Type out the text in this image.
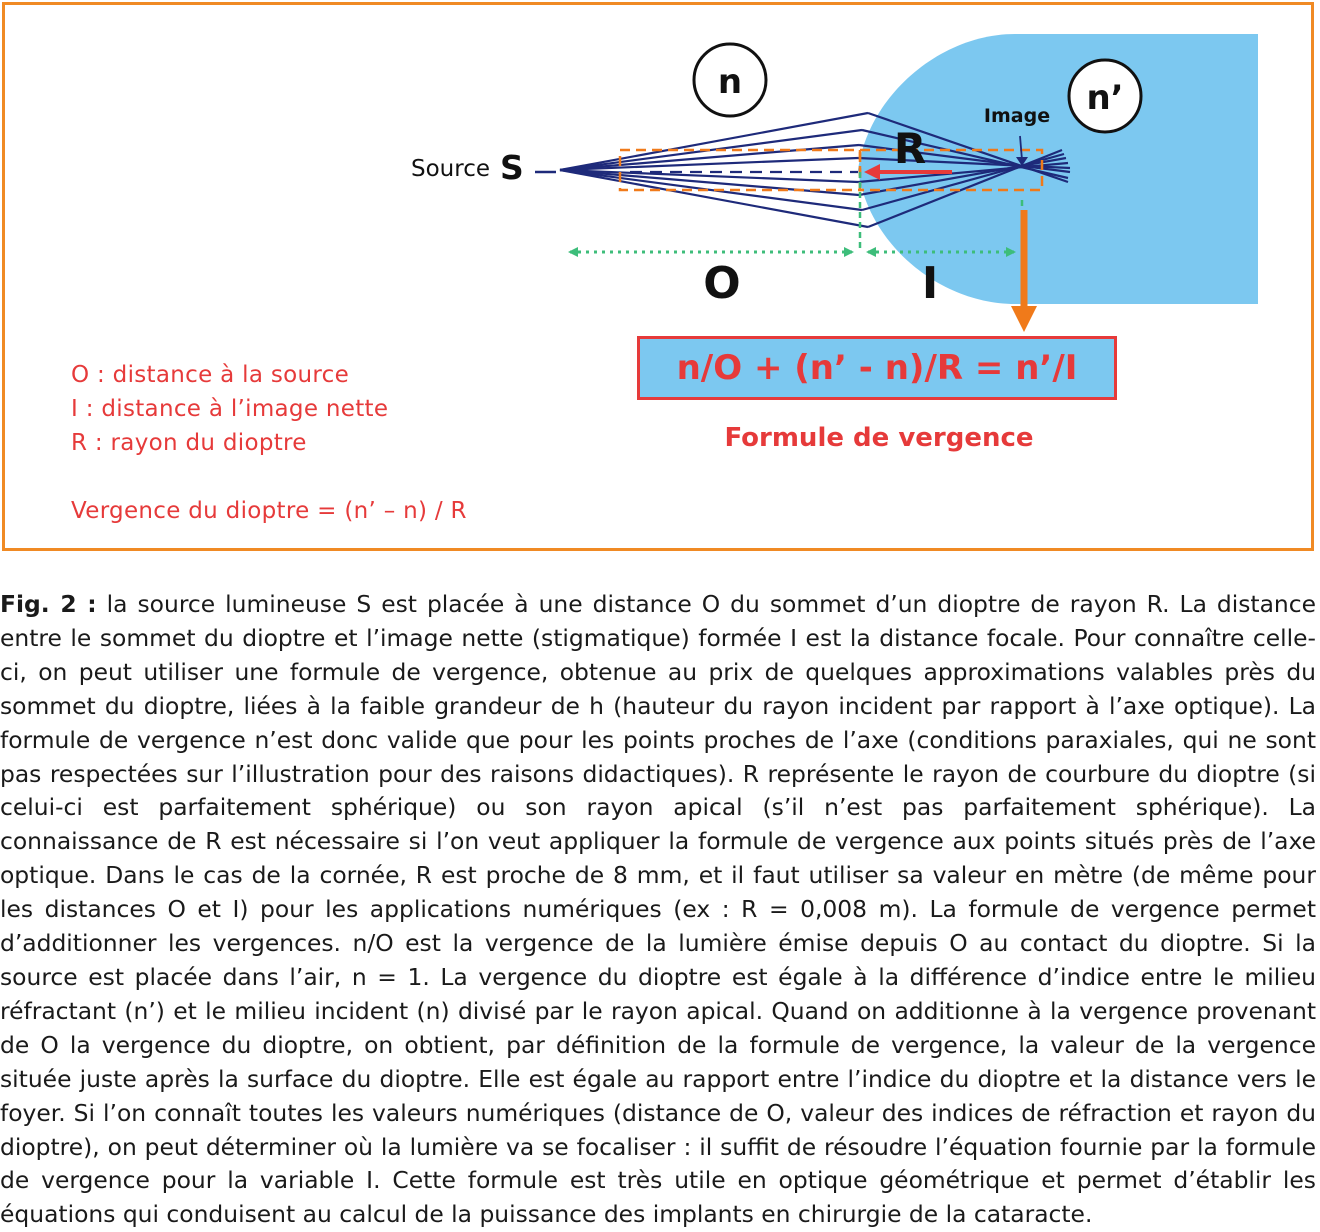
n	n’
Source S
Image
R
O	I
O : distance à la source
I : distance à l’image nette
R : rayon du dioptre
Vergence du dioptre = (n’ – n) / R
n/O + (n’ - n)/R = n’/I
Formule de vergence
Fig. 2 : la source lumineuse S est placée à une distance O du sommet d’un dioptre de rayon R. La distance entre le sommet du dioptre et l’image nette (stigmatique) formée I est la distance focale. Pour connaître celle-ci, on peut utiliser une formule de vergence, obtenue au prix de quelques approximations valables près du sommet du dioptre, liées à la faible grandeur de h (hauteur du rayon incident par rapport à l’axe optique). La formule de vergence n’est donc valide que pour les points proches de l’axe (conditions paraxiales, qui ne sont pas respectées sur l’illustration pour des raisons didactiques). R représente le rayon de courbure du dioptre (si celui-ci est parfaitement sphérique) ou son rayon apical (s’il n’est pas parfaitement sphérique). La connaissance de R est nécessaire si l’on veut appliquer la formule de vergence aux points situés près de l’axe optique. Dans le cas de la cornée, R est proche de 8 mm, et il faut utiliser sa valeur en mètre (de même pour les distances O et I) pour les applications numériques (ex : R = 0,008 m). La formule de vergence permet d’additionner les vergences. n/O est la vergence de la lumière émise depuis O au contact du dioptre. Si la source est placée dans l’air, n = 1. La vergence du dioptre est égale à la différence d’indice entre le milieu réfractant (n’) et le milieu incident (n) divisé par le rayon apical. Quand on additionne à la vergence provenant de O la vergence du dioptre, on obtient, par définition de la formule de vergence, la valeur de la vergence située juste après la surface du dioptre. Elle est égale au rapport entre l’indice du dioptre et la distance vers le foyer. Si l’on connaît toutes les valeurs numériques (distance de O, valeur des indices de réfraction et rayon du dioptre), on peut déterminer où la lumière va se focaliser : il suffit de résoudre l’équation fournie par la formule de vergence pour la variable I. Cette formule est très utile en optique géométrique et permet d’établir les équations qui conduisent au calcul de la puissance des implants en chirurgie de la cataracte.
